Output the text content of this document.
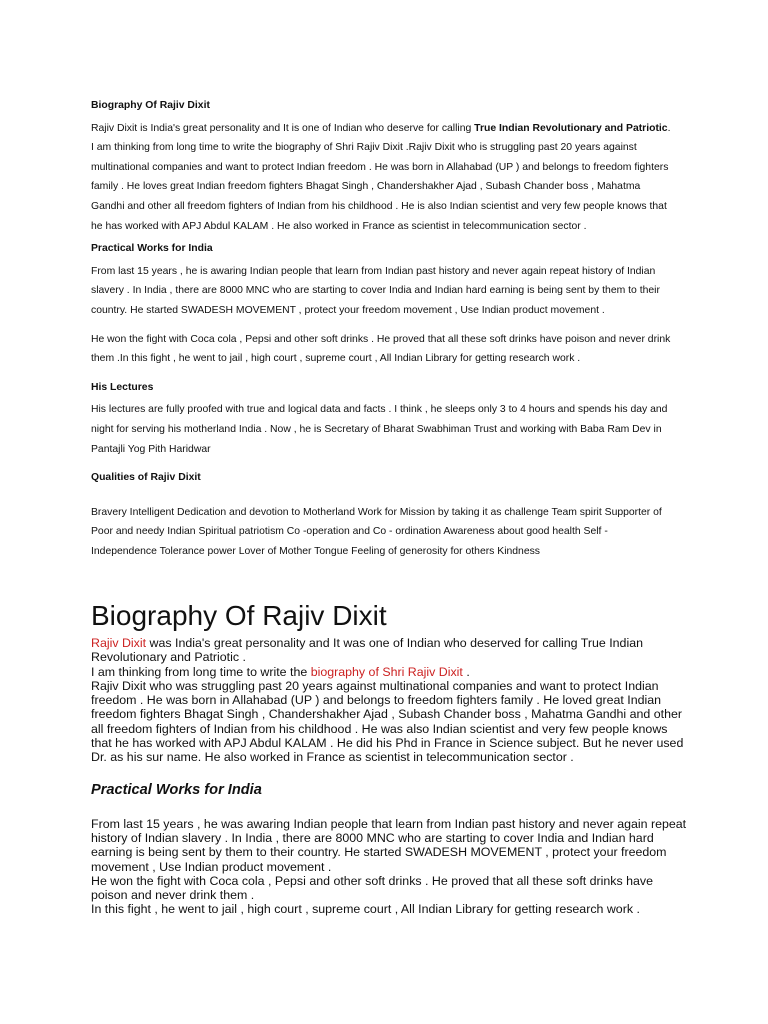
Biography Of Rajiv Dixit

Rajiv Dixit is India's great personality and It is one of Indian who deserve for calling True Indian Revolutionary and Patriotic.

I am thinking from long time to write the biography of Shri Rajiv Dixit .Rajiv Dixit who is struggling past 20 years against multinational companies and want to protect Indian freedom . He was born in Allahabad (UP ) and belongs to freedom fighters family . He loves great Indian freedom fighters Bhagat Singh , Chandershakher Ajad , Subash Chander boss , Mahatma Gandhi and other all freedom fighters of Indian from his childhood . He is also Indian scientist and very few people knows that he has worked with APJ Abdul KALAM . He also worked in France as scientist in telecommunication sector .

Practical Works for India

From last 15 years , he is awaring Indian people that learn from Indian past history and never again repeat history of Indian slavery . In India , there are 8000 MNC who are starting to cover India and Indian hard earning is being sent by them to their country. He started SWADESH MOVEMENT , protect your freedom movement , Use Indian product movement .

He won the fight with Coca cola , Pepsi and other soft drinks . He proved that all these soft drinks have poison and never drink them .In this fight , he went to jail , high court , supreme court , All Indian Library for getting research work .

His Lectures

His lectures are fully proofed with true and logical data and facts . I think , he sleeps only 3 to 4 hours and spends his day and night for serving his motherland India . Now , he is Secretary of Bharat Swabhiman Trust and working with Baba Ram Dev in Pantajli Yog Pith Haridwar

Qualities of Rajiv Dixit

Bravery Intelligent Dedication and devotion to Motherland Work for Mission by taking it as challenge Team spirit Supporter of Poor and needy Indian Spiritual patriotism Co -operation and Co - ordination Awareness about good health Self - Independence Tolerance power Lover of Mother Tongue Feeling of generosity for others Kindness

Biography Of Rajiv Dixit

Rajiv Dixit was India's great personality and It was one of Indian who deserved for calling True Indian Revolutionary and Patriotic .

I am thinking from long time to write the biography of Shri Rajiv Dixit .

Rajiv Dixit who was struggling past 20 years against multinational companies and want to protect Indian freedom . He was born in Allahabad (UP ) and belongs to freedom fighters family . He loved great Indian freedom fighters Bhagat Singh , Chandershakher Ajad , Subash Chander boss , Mahatma Gandhi and other all freedom fighters of Indian from his childhood . He was also Indian scientist and very few people knows that he has worked with APJ Abdul KALAM . He did his Phd in France in Science subject. But he never used Dr. as his sur name. He also worked in France as scientist in telecommunication sector .

Practical Works for India

From last 15 years , he was awaring Indian people that learn from Indian past history and never again repeat history of Indian slavery . In India , there are 8000 MNC who are starting to cover India and Indian hard earning is being sent by them to their country. He started SWADESH MOVEMENT , protect your freedom movement , Use Indian product movement .

He won the fight with Coca cola , Pepsi and other soft drinks . He proved that all these soft drinks have poison and never drink them .

In this fight , he went to jail , high court , supreme court , All Indian Library for getting research work .
